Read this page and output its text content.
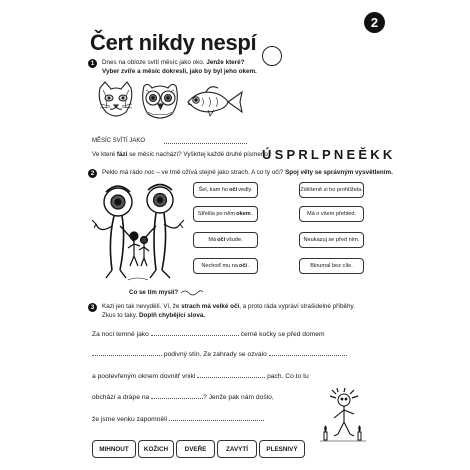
2
Čert nikdy nespí
1 Dnes na obloze svítí měsíc jako oko. Jenže které?
Vyber zvíře a měsíc dokresli, jako by byl jeho okem.
MĚSÍC SVÍTÍ JAKO
Ve které fázi se měsíc nachází? Vyškrtej každé druhé písmeno:
ÚSPRLPNEĚKK
2 Pekło má rádo noc – ve tmě ožívá stejně jako strach. A co ty oči? Spoj věty se správným vysvětlením.
Šel, kam ho oči vedly.
Střelila po něm okem .
Má oči všude.
Nechoď mu na oči .
Zděšeně si ho prohlížela.
Má o všem přehled.
Neukazuj se před ním.
Bloumal bez cíle.
Co se tím myslí?
3 Kazi jen tak nevydělí. Ví, že strach má velké oči, a proto ráda vypráví strašidelné příběhy.
Zkus to taky. Doplň chybějící slova.
Za nocí temné jako	černé kočky se před domem
podivný stín. Ze zahrady se ozvalo
a pootevřeným oknem dovnitř vnikl	pach. Co to tu
obchází a drápe na	? Jenže pak nám došlo,
že jsme venku zapomněli
MIHNOUT	KOŽICH	DVEŘE	ZAVYTÍ	PLESNIVÝ
